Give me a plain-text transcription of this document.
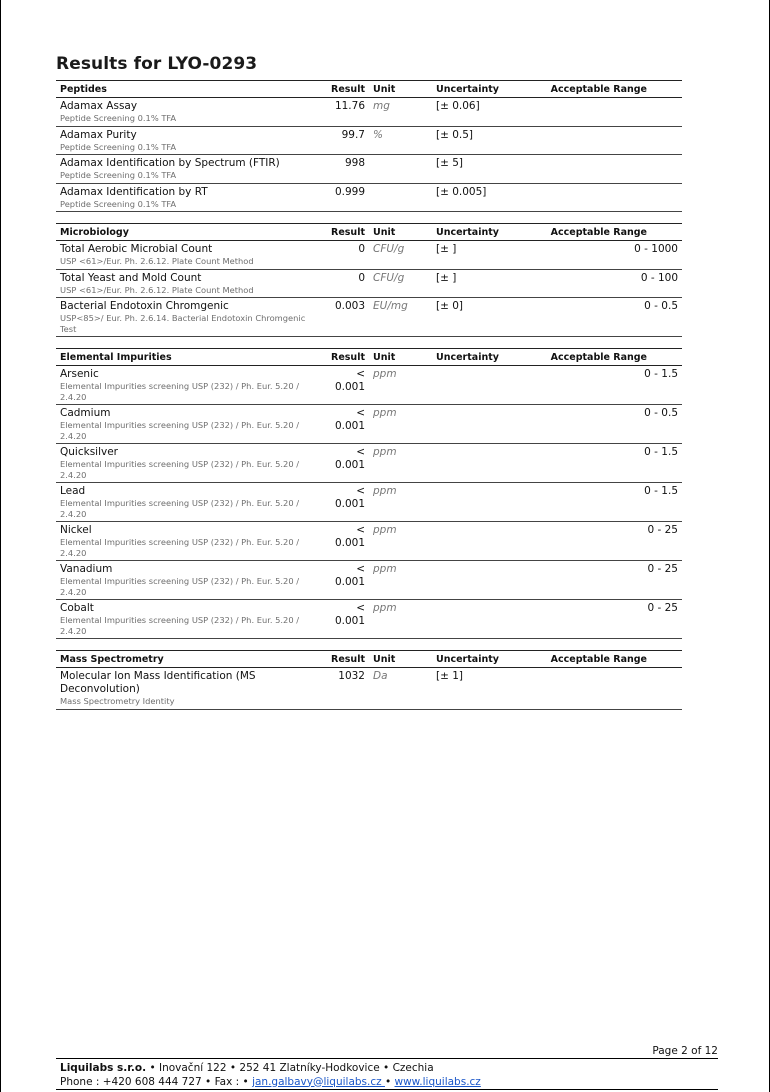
Results for LYO-0293
Peptides	Result	Unit	Uncertainty	Acceptable Range

Adamax Assay
Peptide Screening 0.1% TFA	11.76	mg	[± 0.06]	

Adamax Purity
Peptide Screening 0.1% TFA	99.7	%	[± 0.5]	

Adamax Identification by Spectrum (FTIR)
Peptide Screening 0.1% TFA	998		[± 5]	

Adamax Identification by RT
Peptide Screening 0.1% TFA	0.999		[± 0.005]	
Microbiology	Result	Unit	Uncertainty	Acceptable Range

Total Aerobic Microbial Count
USP <61>/Eur. Ph. 2.6.12. Plate Count Method	0	CFU/g	[± ]	0 - 1000

Total Yeast and Mold Count
USP <61>/Eur. Ph. 2.6.12. Plate Count Method	0	CFU/g	[± ]	0 - 100

Bacterial Endotoxin Chromgenic
USP<85>/ Eur. Ph. 2.6.14. Bacterial Endotoxin Chromgenic Test	0.003	EU/mg	[± 0]	0 - 0.5
Elemental Impurities	Result	Unit	Uncertainty	Acceptable Range

Arsenic
Elemental Impurities screening USP (232) / Ph. Eur. 5.20 / 2.4.20	< 0.001	ppm		0 - 1.5

Cadmium
Elemental Impurities screening USP (232) / Ph. Eur. 5.20 / 2.4.20	< 0.001	ppm		0 - 0.5

Quicksilver
Elemental Impurities screening USP (232) / Ph. Eur. 5.20 / 2.4.20	< 0.001	ppm		0 - 1.5

Lead
Elemental Impurities screening USP (232) / Ph. Eur. 5.20 / 2.4.20	< 0.001	ppm		0 - 1.5

Nickel
Elemental Impurities screening USP (232) / Ph. Eur. 5.20 / 2.4.20	< 0.001	ppm		0 - 25

Vanadium
Elemental Impurities screening USP (232) / Ph. Eur. 5.20 / 2.4.20	< 0.001	ppm		0 - 25

Cobalt
Elemental Impurities screening USP (232) / Ph. Eur. 5.20 / 2.4.20	< 0.001	ppm		0 - 25
Mass Spectrometry	Result	Unit	Uncertainty	Acceptable Range

Molecular Ion Mass Identification (MS Deconvolution)
Mass Spectrometry Identity	1032	Da	[± 1]	
Page 2 of 12
Liquilabs s.r.o. • Inovační 122 • 252 41 Zlatníky-Hodkovice • Czechia
Phone : +420 608 444 727 • Fax : • jan.galbavy@liquilabs.cz • www.liquilabs.cz
